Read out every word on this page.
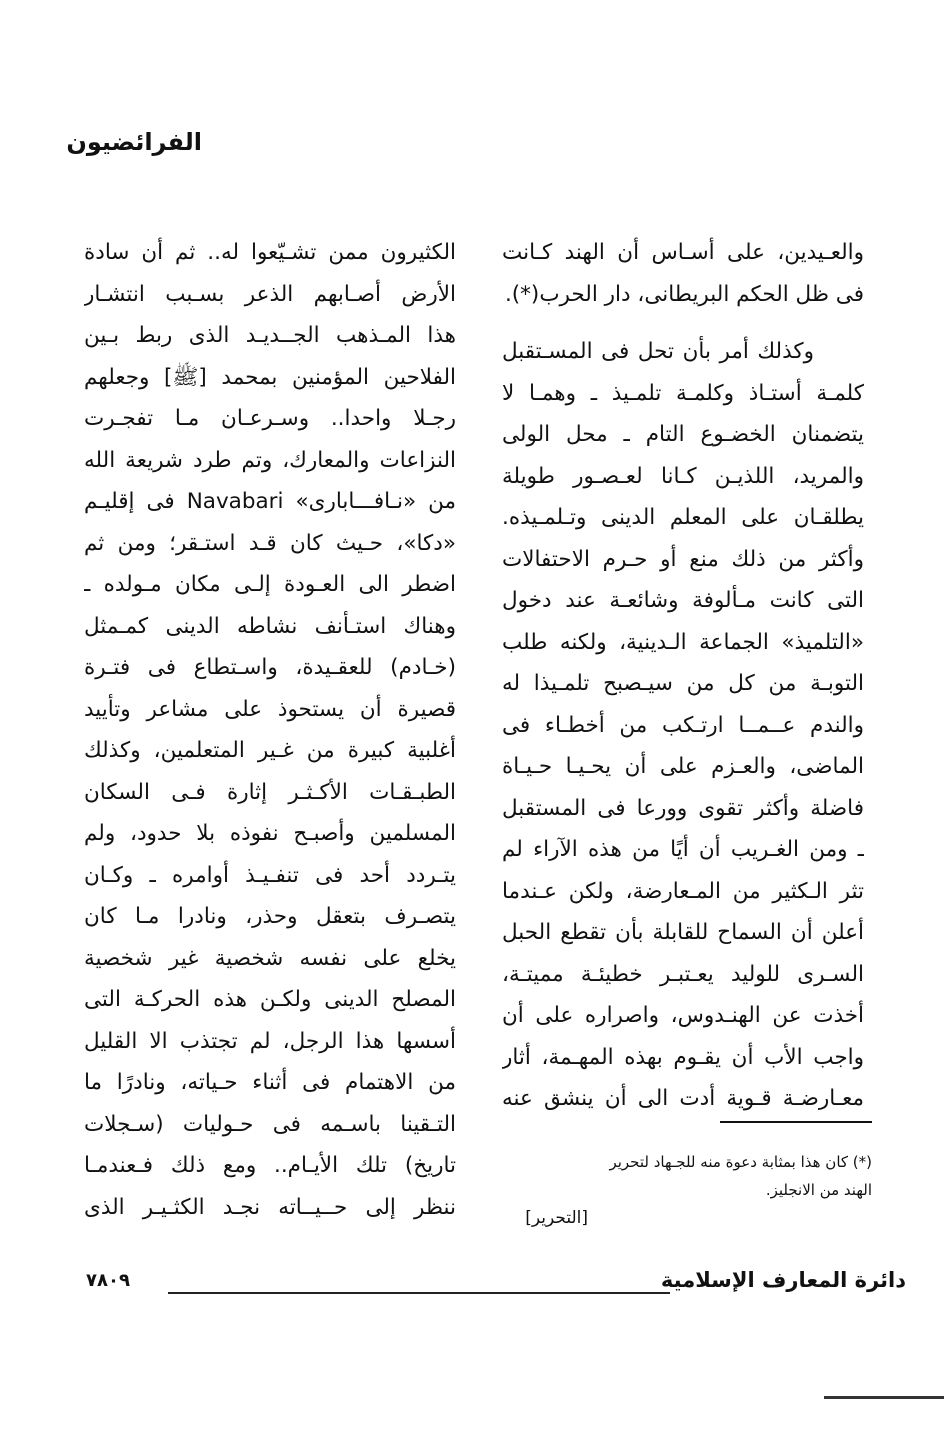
الفرائضيون
والعـيدين، على أسـاس أن الهند كـانت
فى ظل الحكم البريطانى، دار الحرب(*).
وكذلك أمر بأن تحل فى المسـتقبل
كلمـة أستـاذ وكلمـة تلمـيذ ـ وهمـا لا
يتضمنان الخضـوع التام ـ محل الولى
والمريد، اللذيـن كـانا لعـصـور طويلة
يطلقـان على المعلم الدينى وتـلمـيذه.
وأكثر من ذلك منع أو حـرم الاحتفالات
التى كانت مـألوفة وشائعـة عند دخول
«التلميذ» الجماعة الـدينية، ولكنه طلب
التوبـة من كل من سيـصبح تلمـيذا له
والندم عــمــا ارتـكب من أخطـاء فى
الماضى، والعـزم على أن يحـيـا حـيـاة
فاضلة وأكثر تقوى وورعا فى المستقبل
ـ ومن الغـريب أن أيًا من هذه الآراء لم
تثر الـكثير من المـعارضة، ولكن عـندما
أعلن أن السماح للقابلة بأن تقطع الحبل
السـرى للوليد يعـتبـر خطيئـة مميتـة،
أخذت عن الهنـدوس، واصراره على أن
واجب الأب أن يقـوم بهذه المهـمة، أثار
معـارضـة قـوية أدت الى أن ينشق عنه
الكثيرون ممن تشـيّعوا له.. ثم أن سادة
الأرض أصـابهم الذعر بسـبب انتشـار
هذا المـذهب الجــديـد الذى ربط بـين
الفلاحين المؤمنين بمحمد [ﷺ] وجعلهم
رجـلا واحدا.. وسـرعـان مـا تفجـرت
النزاعات والمعارك، وتم طرد شريعة الله
من «نـافـــابارى» Navabari فى إقليـم
«دكا»، حـيث كان قـد استـقر؛ ومن ثم
اضطر الى العـودة إلـى مكان مـولده ـ
وهناك استـأنف نشاطه الدينى كمـمثل
(خـادم) للعقـيدة، واسـتطاع فى فتـرة
قصيرة أن يستحوذ على مشاعر وتأييد
أغلبية كبيرة من غـير المتعلمين، وكذلك
الطبـقـات الأكـثـر إثارة فـى السكان
المسلمين وأصبـح نفوذه بلا حدود، ولم
يتـردد أحد فى تنفـيـذ أوامره ـ وكـان
يتصـرف بتعقل وحذر، ونادرا مـا كان
يخلع على نفسه شخصية غير شخصية
المصلح الدينى ولكـن هذه الحركـة التى
أسسها هذا الرجل، لم تجتذب الا القليل
من الاهتمام فى أثناء حـياته، ونادرًا ما
التـقينا باسـمه فى حـوليات (سـجلات
تاريخ) تلك الأيـام.. ومع ذلك فـعندمـا
ننظر إلى حــيــاته نجـد الكثـيـر الذى
(*) كان هذا بمثابة دعوة منه للجـهاد لتحرير
الهند من الانجليز.
[التحرير]
دائرة المعارف الإسلامية
٧٨٠٩
